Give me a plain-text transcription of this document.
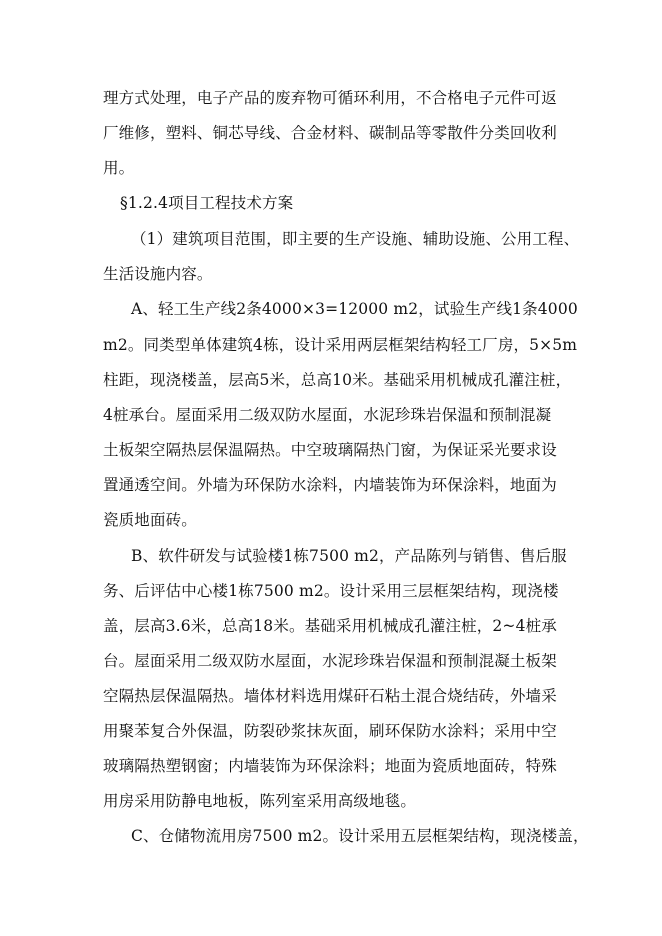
理方式处理，电子产品的废弃物可循环利用，不合格电子元件可返
厂维修，塑料、铜芯导线、合金材料、碳制品等零散件分类回收利
用。
§1.2.4项目工程技术方案
（1）建筑项目范围，即主要的生产设施、辅助设施、公用工程、
生活设施内容。
A、轻工生产线2条4000×3=12000 m2，试验生产线1条4000
m2。同类型单体建筑4栋，设计采用两层框架结构轻工厂房，5×5m
柱距，现浇楼盖，层高5米，总高10米。基础采用机械成孔灌注桩，
4桩承台。屋面采用二级双防水屋面，水泥珍珠岩保温和预制混凝
土板架空隔热层保温隔热。中空玻璃隔热门窗，为保证采光要求设
置通透空间。外墙为环保防水涂料，内墙装饰为环保涂料，地面为
瓷质地面砖。
B、软件研发与试验楼1栋7500 m2，产品陈列与销售、售后服
务、后评估中心楼1栋7500 m2。设计采用三层框架结构，现浇楼
盖，层高3.6米，总高18米。基础采用机械成孔灌注桩，2~4桩承
台。屋面采用二级双防水屋面，水泥珍珠岩保温和预制混凝土板架
空隔热层保温隔热。墙体材料选用煤矸石粘土混合烧结砖，外墙采
用聚苯复合外保温，防裂砂浆抹灰面，刷环保防水涂料；采用中空
玻璃隔热塑钢窗；内墙装饰为环保涂料；地面为瓷质地面砖，特殊
用房采用防静电地板，陈列室采用高级地毯。
C、仓储物流用房7500 m2。设计采用五层框架结构，现浇楼盖，
